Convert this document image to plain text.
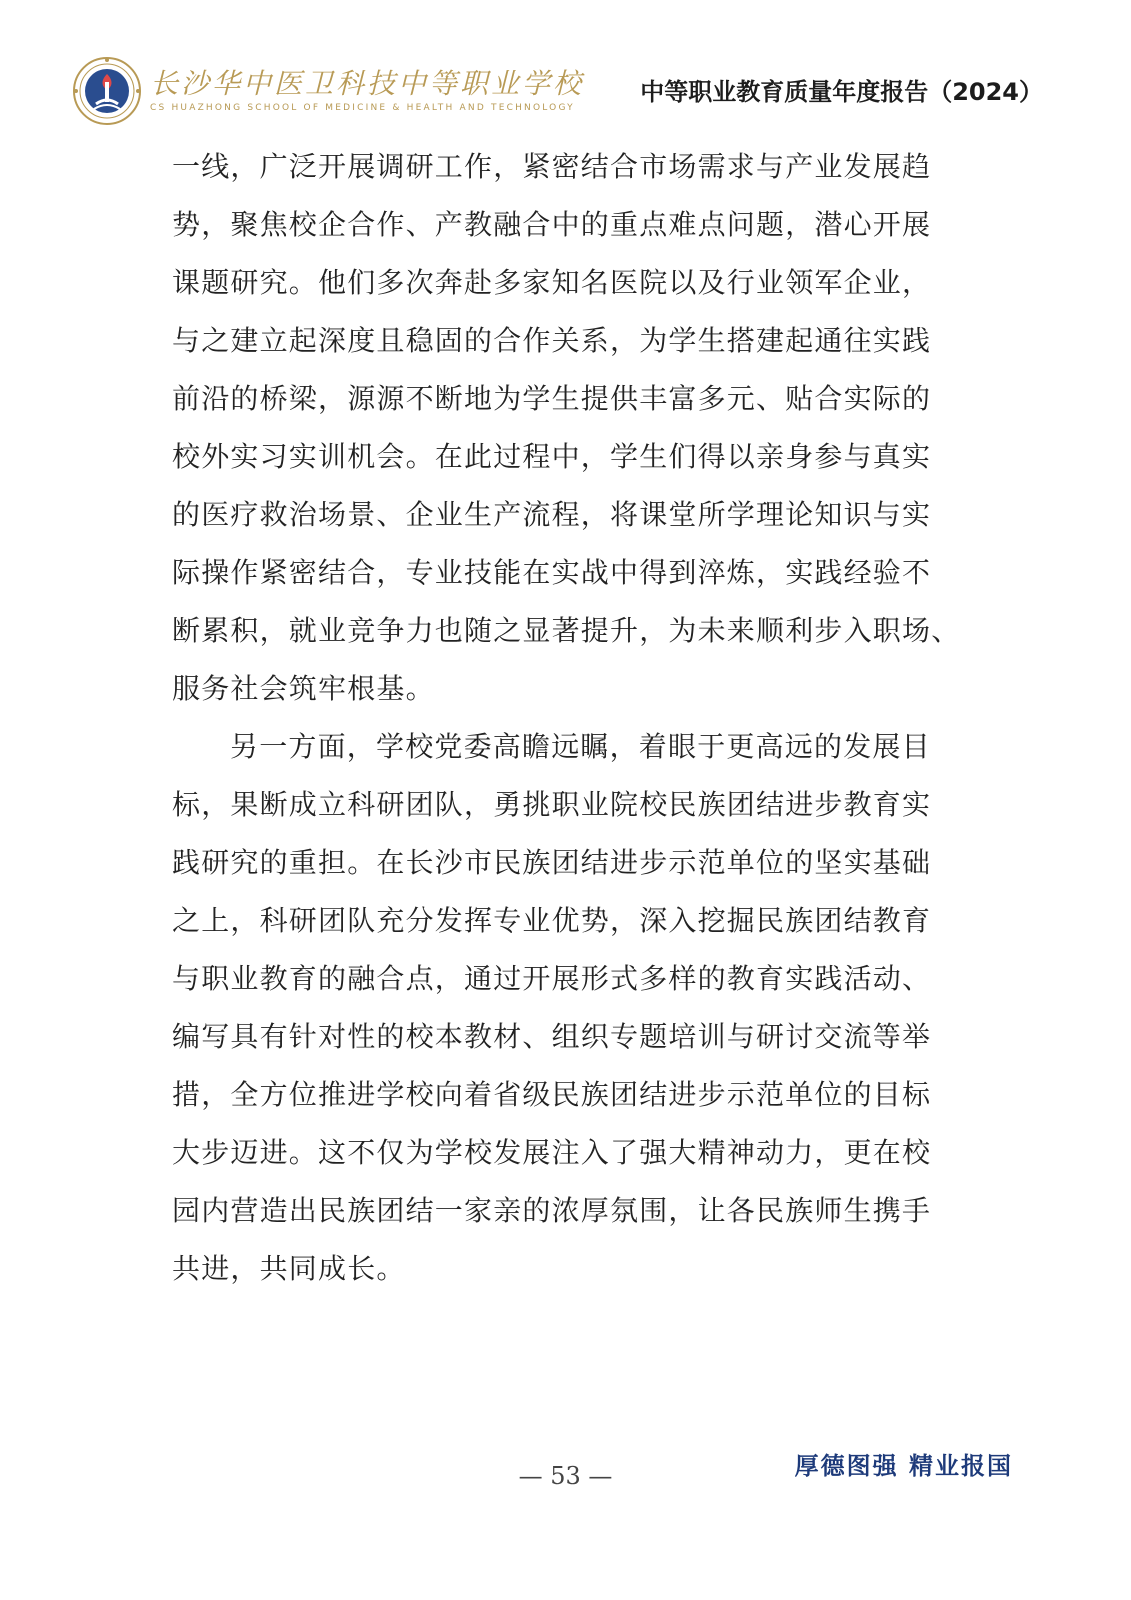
长沙华中医卫科技中等职业学校
CS HUAZHONG SCHOOL OF MEDICINE & HEALTH AND TECHNOLOGY
中等职业教育质量年度报告（2024）
一线，广泛开展调研工作，紧密结合市场需求与产业发展趋
势，聚焦校企合作、产教融合中的重点难点问题，潜心开展
课题研究。他们多次奔赴多家知名医院以及行业领军企业，
与之建立起深度且稳固的合作关系，为学生搭建起通往实践
前沿的桥梁，源源不断地为学生提供丰富多元、贴合实际的
校外实习实训机会。在此过程中，学生们得以亲身参与真实
的医疗救治场景、企业生产流程，将课堂所学理论知识与实
际操作紧密结合，专业技能在实战中得到淬炼，实践经验不
断累积，就业竞争力也随之显著提升，为未来顺利步入职场、
服务社会筑牢根基。
另一方面，学校党委高瞻远瞩，着眼于更高远的发展目
标，果断成立科研团队，勇挑职业院校民族团结进步教育实
践研究的重担。在长沙市民族团结进步示范单位的坚实基础
之上，科研团队充分发挥专业优势，深入挖掘民族团结教育
与职业教育的融合点，通过开展形式多样的教育实践活动、
编写具有针对性的校本教材、组织专题培训与研讨交流等举
措，全方位推进学校向着省级民族团结进步示范单位的目标
大步迈进。这不仅为学校发展注入了强大精神动力，更在校
园内营造出民族团结一家亲的浓厚氛围，让各民族师生携手
共进，共同成长。
— 53 —	厚德图强 精业报国
